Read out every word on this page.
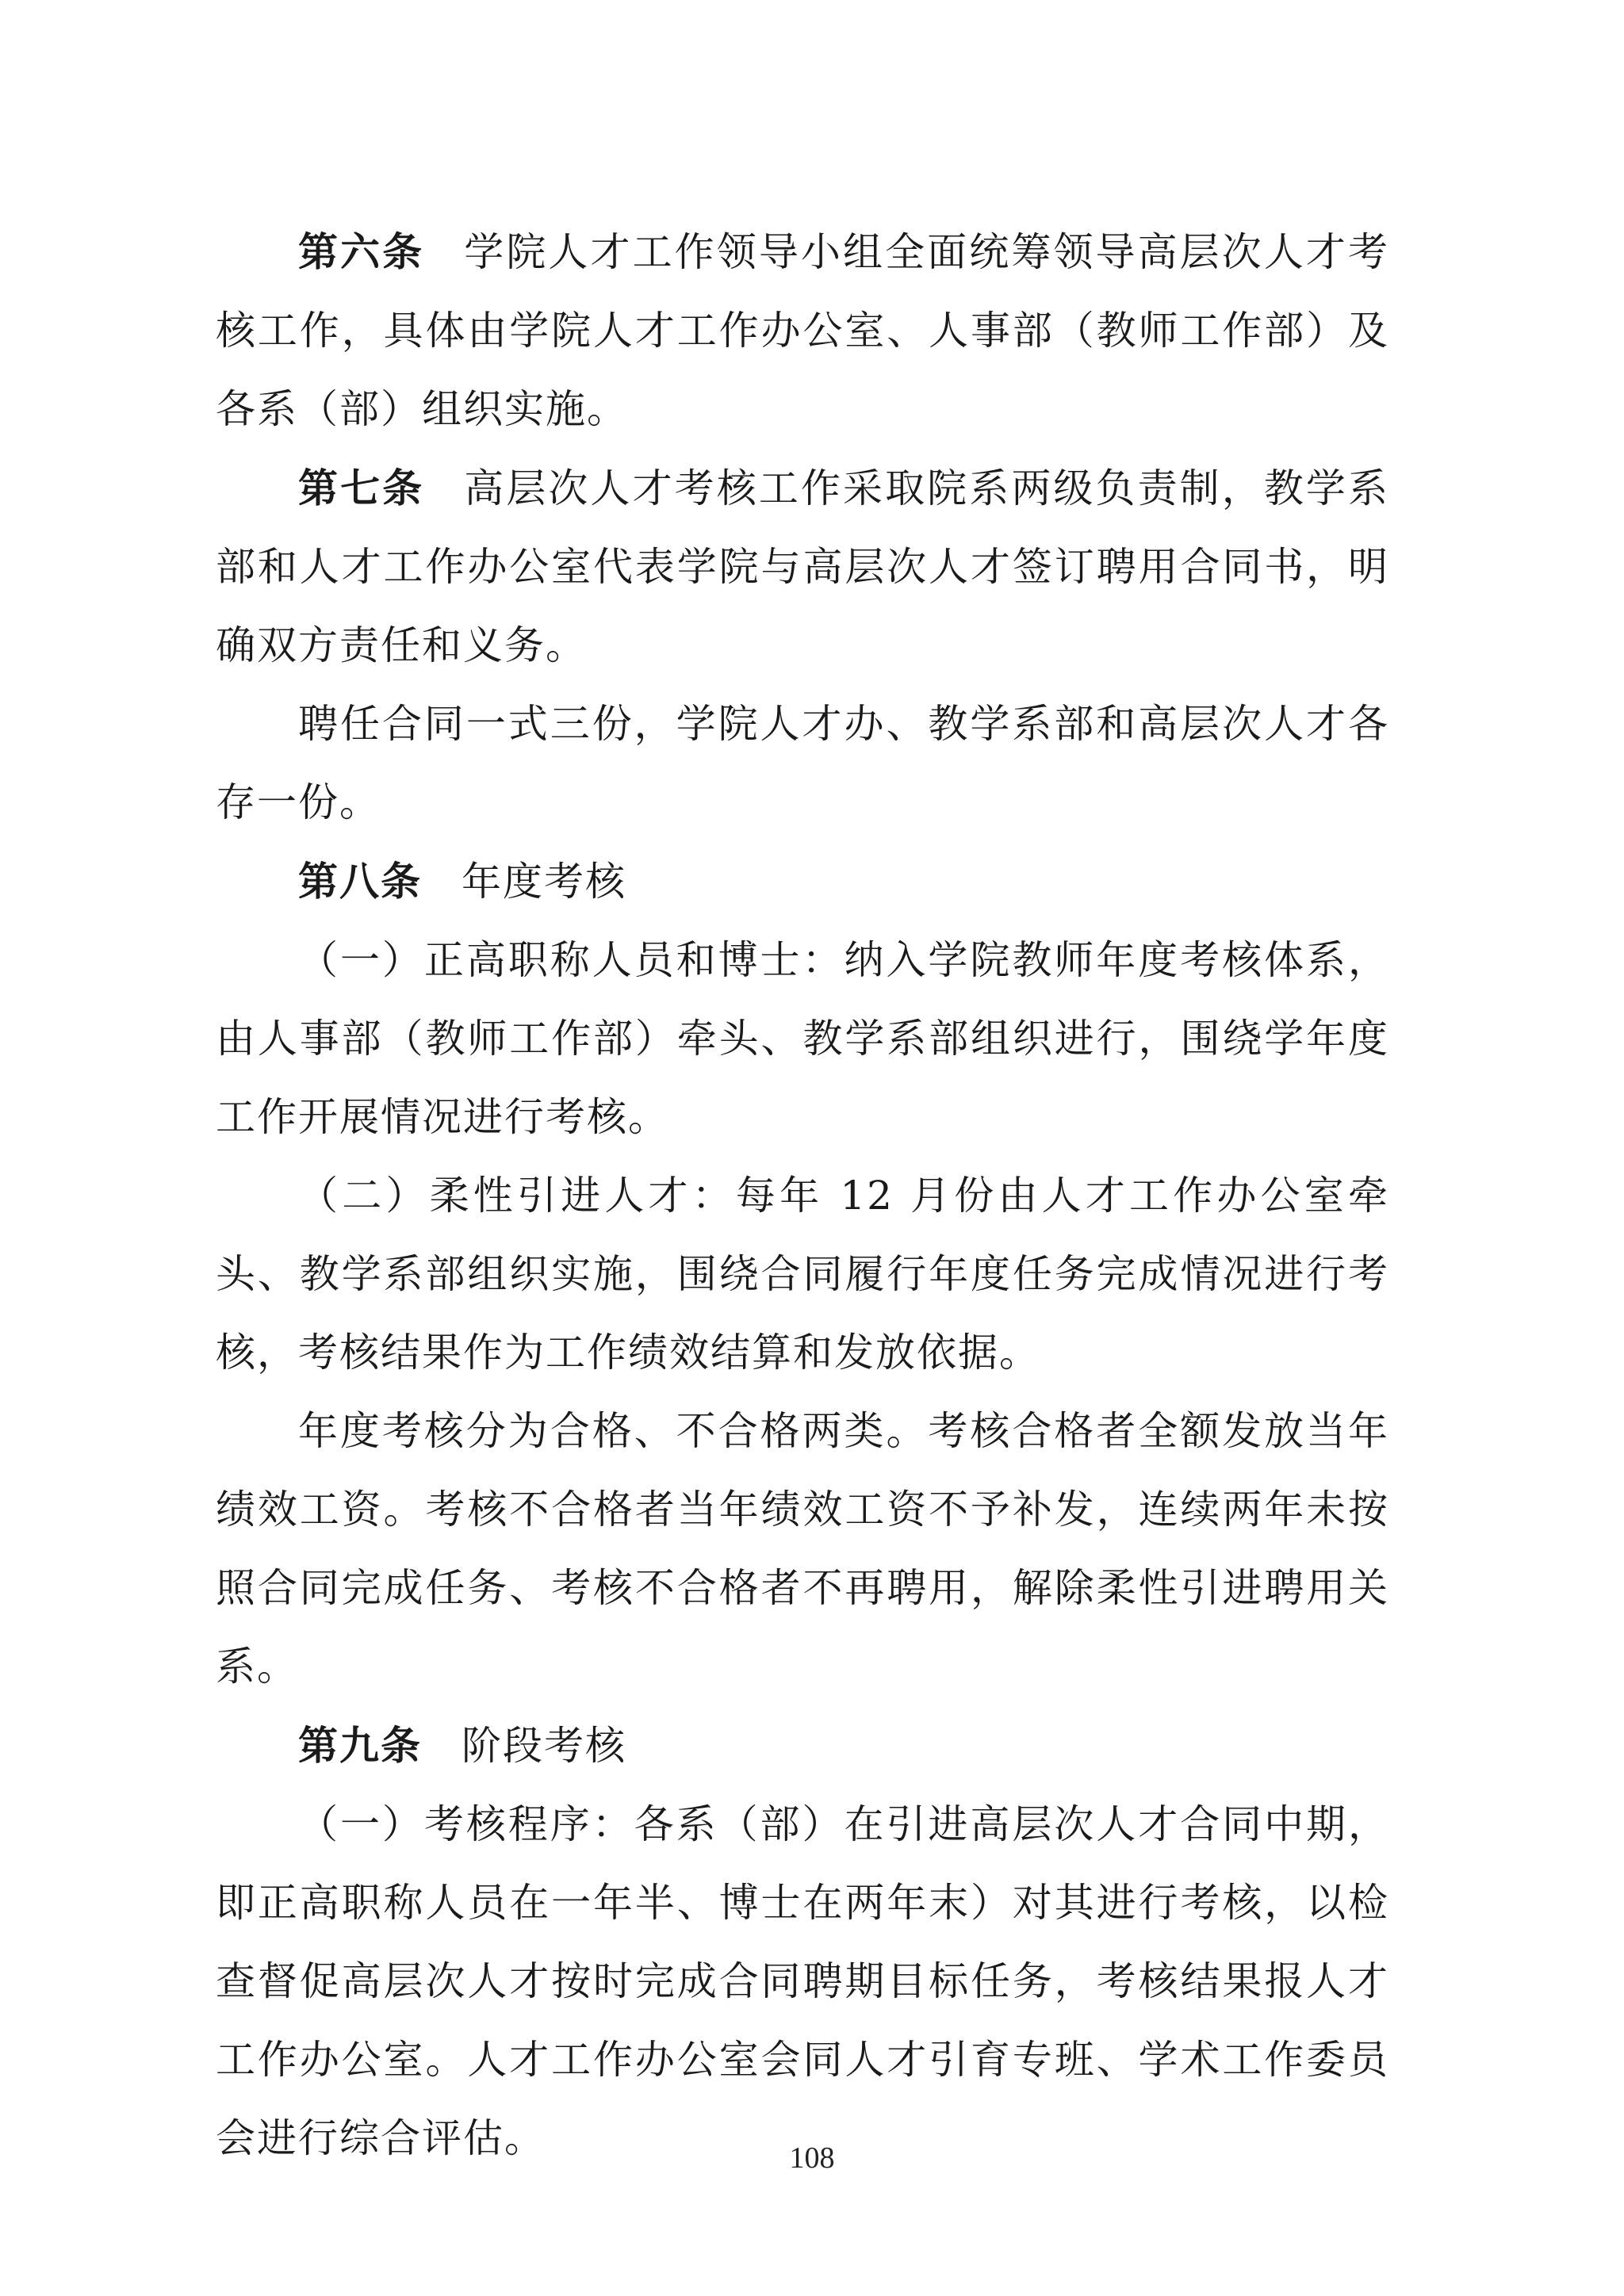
第六条 学院人才工作领导小组全面统筹领导高层次人才考核工作，具体由学院人才工作办公室、人事部（教师工作部）及各系（部）组织实施。

第七条 高层次人才考核工作采取院系两级负责制，教学系部和人才工作办公室代表学院与高层次人才签订聘用合同书，明确双方责任和义务。

聘任合同一式三份，学院人才办、教学系部和高层次人才各存一份。

第八条 年度考核

（一）正高职称人员和博士：纳入学院教师年度考核体系，由人事部（教师工作部）牵头、教学系部组织进行，围绕学年度工作开展情况进行考核。

（二）柔性引进人才：每年 12 月份由人才工作办公室牵头、教学系部组织实施，围绕合同履行年度任务完成情况进行考核，考核结果作为工作绩效结算和发放依据。

年度考核分为合格、不合格两类。考核合格者全额发放当年绩效工资。考核不合格者当年绩效工资不予补发，连续两年未按照合同完成任务、考核不合格者不再聘用，解除柔性引进聘用关系。

第九条 阶段考核

（一）考核程序：各系（部）在引进高层次人才合同中期，即正高职称人员在一年半、博士在两年末）对其进行考核，以检查督促高层次人才按时完成合同聘期目标任务，考核结果报人才工作办公室。人才工作办公室会同人才引育专班、学术工作委员会进行综合评估。	108
